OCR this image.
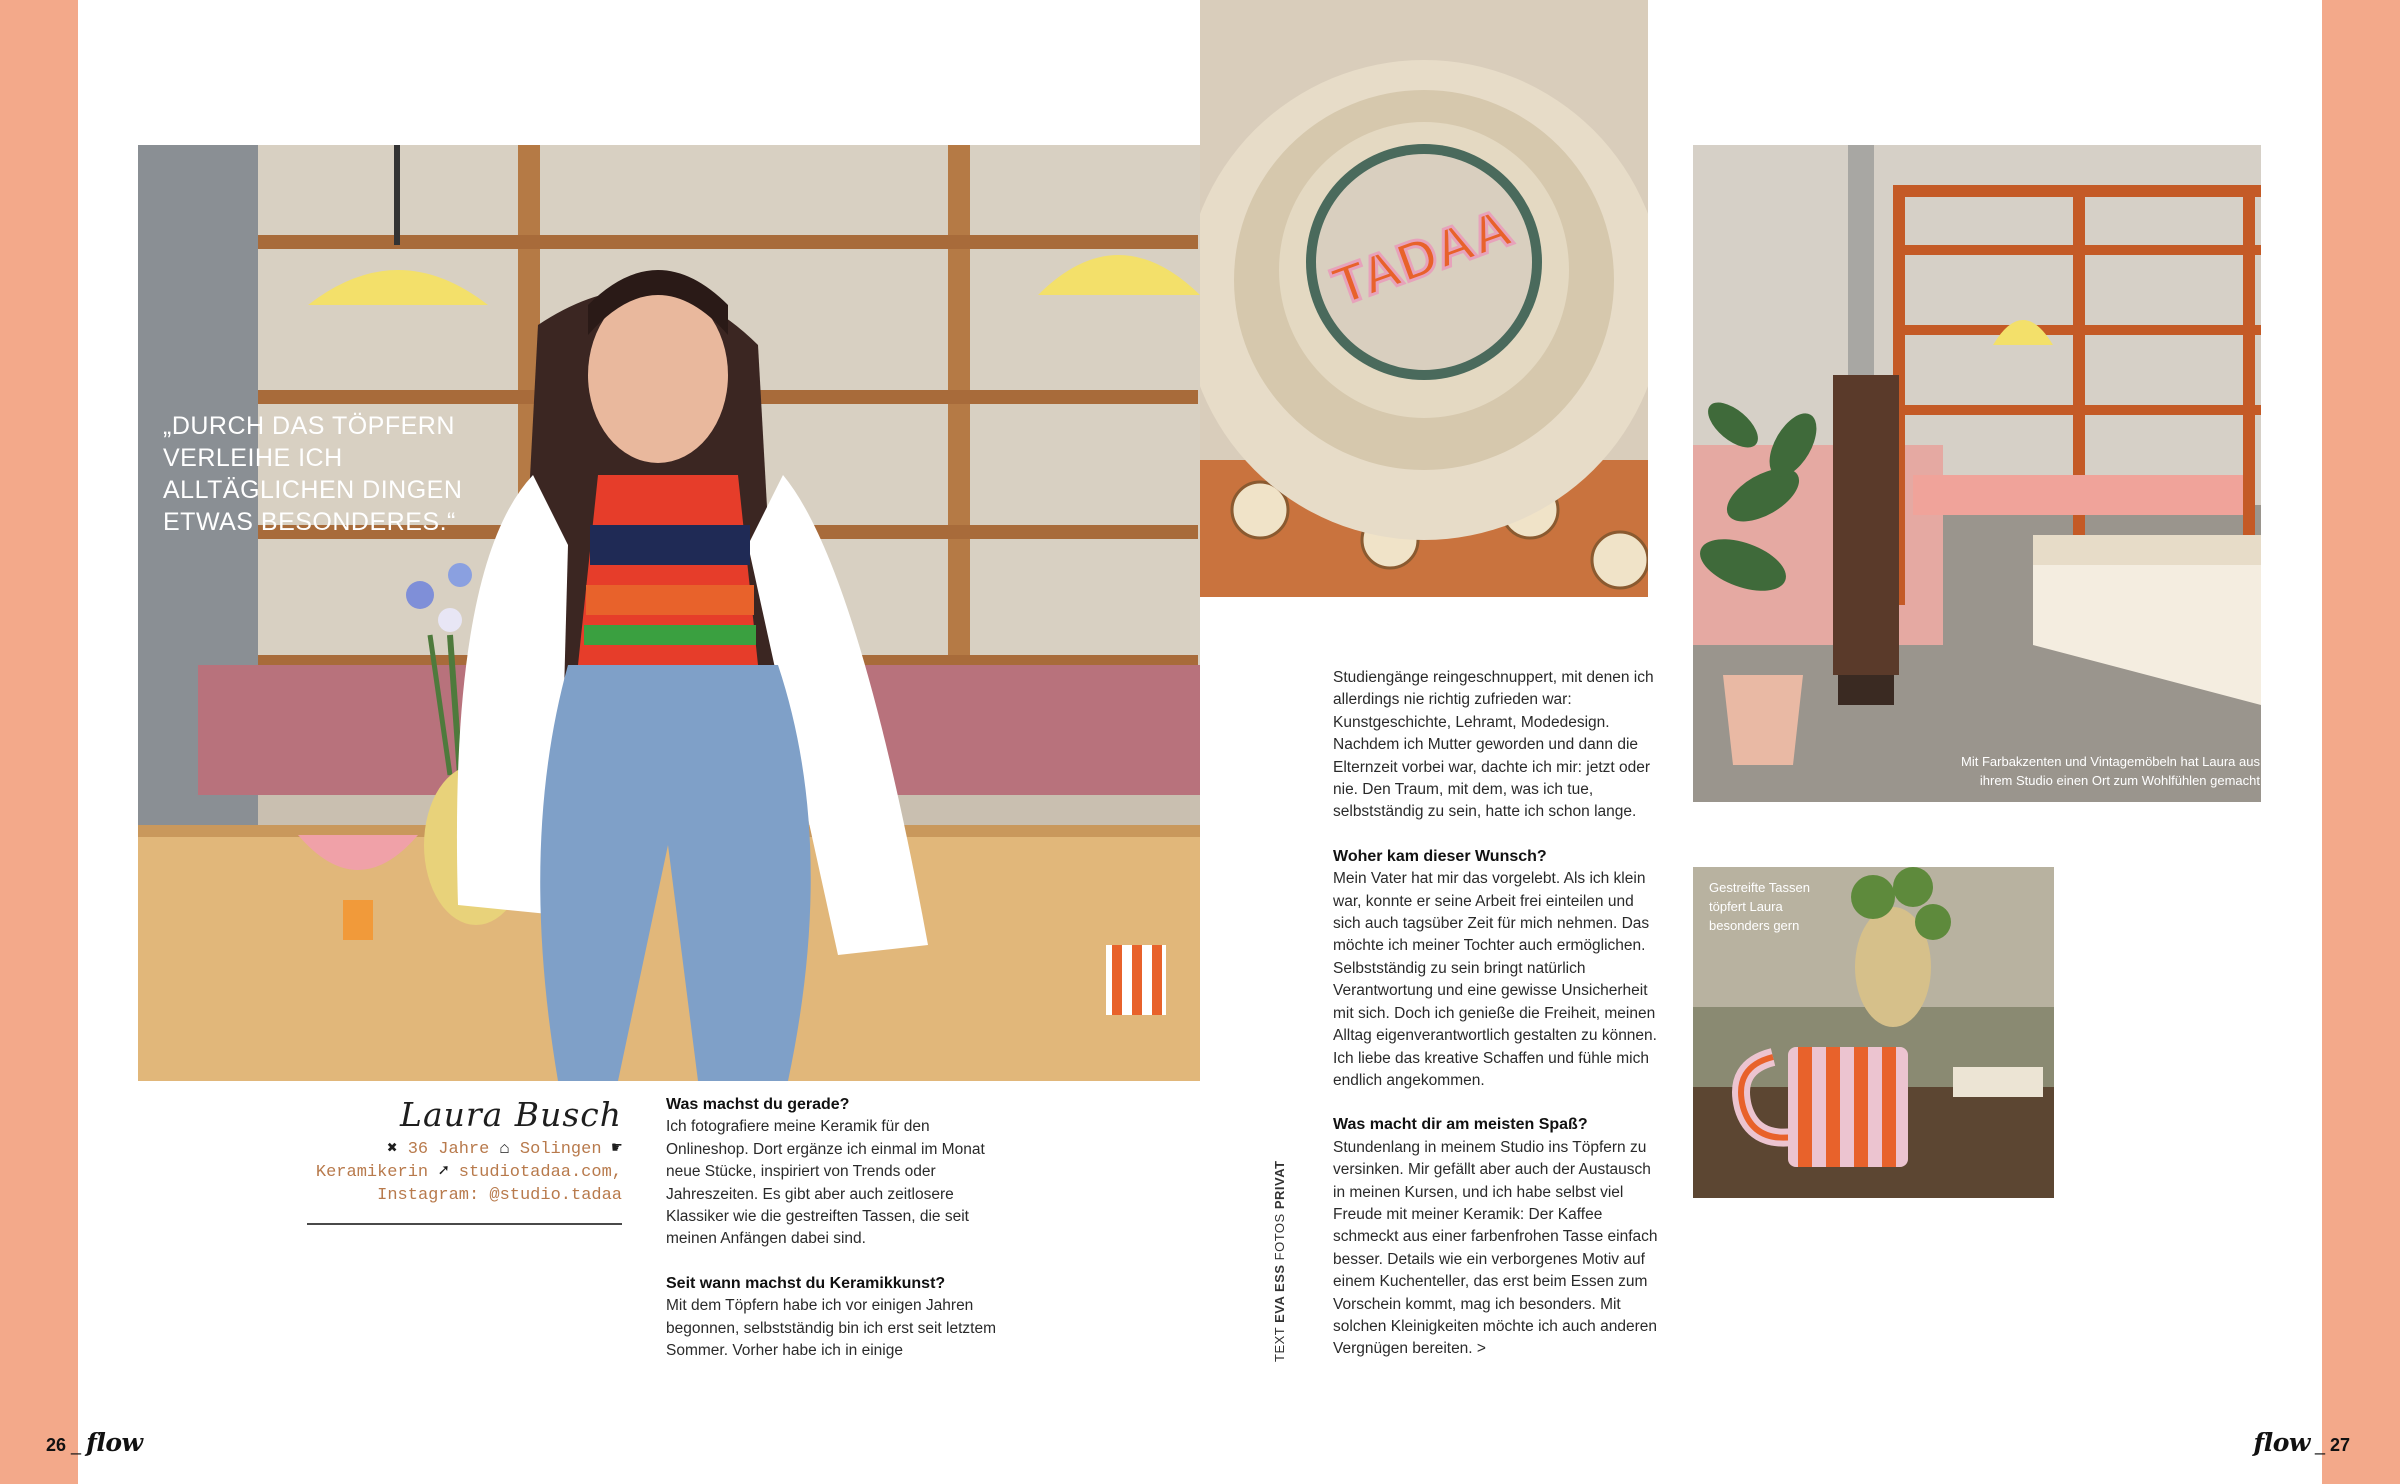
„DURCH DAS TÖPFERN VERLEIHE ICH ALLTÄGLICHEN DINGEN ETWAS BESONDERES.“
TADAA
Mit Farbakzenten und Vintagemöbeln hat Laura aus ihrem Studio einen Ort zum Wohlfühlen gemacht
Gestreifte Tassen töpfert Laura besonders gern
Laura Busch
✖ 36 Jahre ⌂ Solingen ☛
Keramikerin ➚ studiotadaa.com,
Instagram: @studio.tadaa
Was machst du gerade?

Ich fotografiere meine Keramik für den Onlineshop. Dort ergänze ich einmal im Monat neue Stücke, inspiriert von Trends oder Jahreszeiten. Es gibt aber auch zeitlosere Klassiker wie die gestreiften Tassen, die seit meinen Anfängen dabei sind.

Seit wann machst du Keramikkunst?

Mit dem Töpfern habe ich vor einigen Jahren begonnen, selbstständig bin ich erst seit letztem Sommer. Vorher habe ich in einige

Studiengänge reingeschnuppert, mit denen ich allerdings nie richtig zufrieden war: Kunstgeschichte, Lehramt, Modedesign. Nachdem ich Mutter geworden und dann die Elternzeit vorbei war, dachte ich mir: jetzt oder nie. Den Traum, mit dem, was ich tue, selbstständig zu sein, hatte ich schon lange.

Woher kam dieser Wunsch?

Mein Vater hat mir das vorgelebt. Als ich klein war, konnte er seine Arbeit frei einteilen und sich auch tagsüber Zeit für mich nehmen. Das möchte ich meiner Tochter auch ermöglichen. Selbstständig zu sein bringt natürlich Verantwortung und eine gewisse Unsicherheit mit sich. Doch ich genieße die Freiheit, meinen Alltag eigenverantwortlich gestalten zu können. Ich liebe das kreative Schaffen und fühle mich endlich angekommen.

Was macht dir am meisten Spaß?

Stundenlang in meinem Studio ins Töpfern zu versinken. Mir gefällt aber auch der Austausch in meinen Kursen, und ich habe selbst viel Freude mit meiner Keramik: Der Kaffee schmeckt aus einer farbenfrohen Tasse einfach besser. Details wie ein verborgenes Motiv auf einem Kuchenteller, das erst beim Essen zum Vorschein kommt, mag ich besonders. Mit solchen Kleinigkeiten möchte ich auch anderen Vergnügen bereiten. >

TEXT EVA ESS FOTOS PRIVAT
26 _ flow	flow _ 27
